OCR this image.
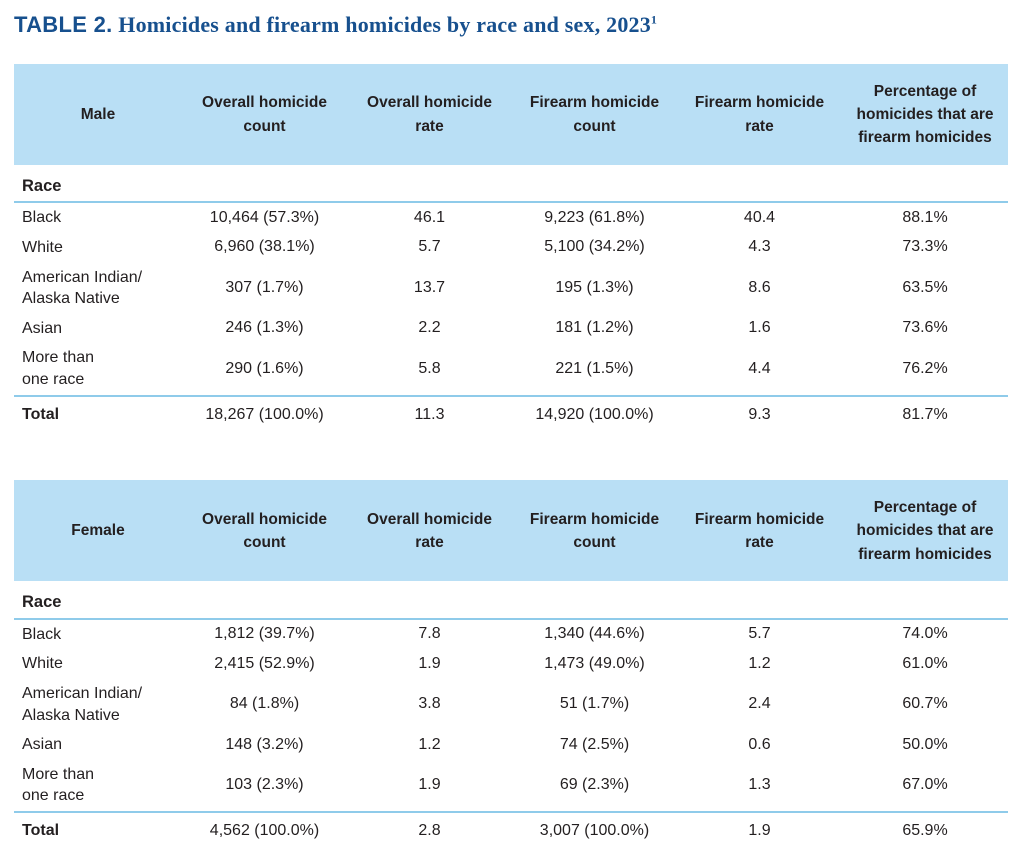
TABLE 2. Homicides and firearm homicides by race and sex, 2023$^1$
Male	Overall homicide count	Overall homicide rate	Firearm homicide count	Firearm homicide rate	Percentage of homicides that are firearm homicides
Race					

Black	10,464 (57.3%)	46.1	9,223 (61.8%)	40.4	88.1%

White	6,960 (38.1%)	5.7	5,100 (34.2%)	4.3	73.3%

American Indian/
Alaska Native	307 (1.7%)	13.7	195 (1.3%)	8.6	63.5%

Asian	246 (1.3%)	2.2	181 (1.2%)	1.6	73.6%

More than
one race	290 (1.6%)	5.8	221 (1.5%)	4.4	76.2%
Total	18,267 (100.0%)	11.3	14,920 (100.0%)	9.3	81.7%
Female	Overall homicide count	Overall homicide rate	Firearm homicide count	Firearm homicide rate	Percentage of homicides that are firearm homicides
Race					

Black	1,812 (39.7%)	7.8	1,340 (44.6%)	5.7	74.0%

White	2,415 (52.9%)	1.9	1,473 (49.0%)	1.2	61.0%

American Indian/
Alaska Native	84 (1.8%)	3.8	51 (1.7%)	2.4	60.7%

Asian	148 (3.2%)	1.2	74 (2.5%)	0.6	50.0%

More than
one race	103 (2.3%)	1.9	69 (2.3%)	1.3	67.0%
Total	4,562 (100.0%)	2.8	3,007 (100.0%)	1.9	65.9%
